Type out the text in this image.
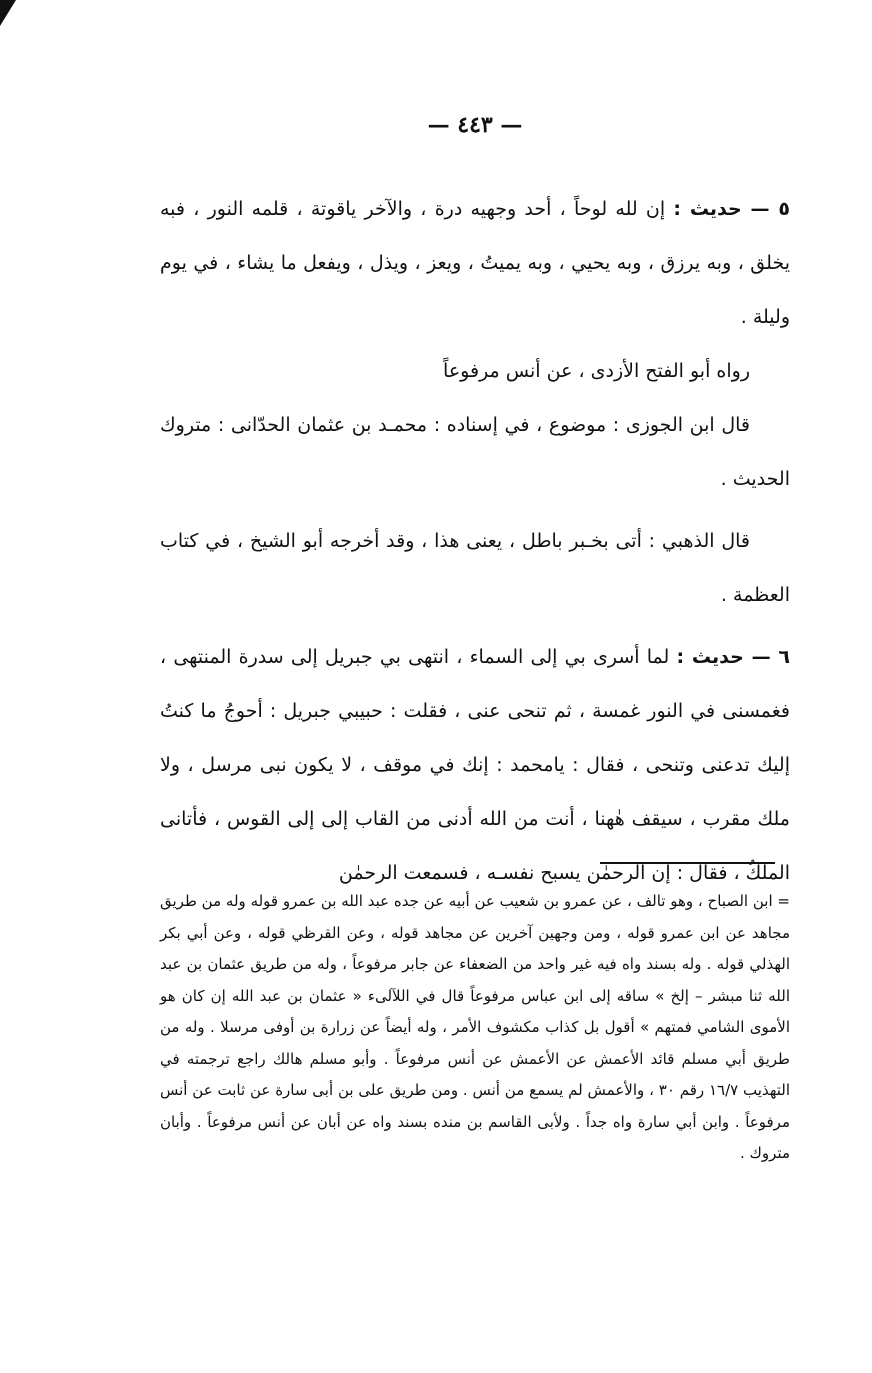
— ٤٤٣ —

٥ — حديث : إن لله لوحاً ، أحد وجهيه درة ، والآخر ياقوتة ، قلمه النور ، فبه يخلق ، وبه يرزق ، وبه يحيي ، وبه يميتُ ، ويعز ، ويذل ، ويفعل ما يشاء ، في يوم وليلة .

رواه أبو الفتح الأزدى ، عن أنس مرفوعاً

قال ابن الجوزى : موضوع ، في إسناده : محمـد بن عثمان الحدّانى : متروك الحديث .

قال الذهبي : أتى بخـبر باطل ، يعنى هذا ، وقد أخرجه أبو الشيخ ، في كتاب العظمة .

٦ — حديث : لما أسرى بي إلى السماء ، انتهى بي جبريل إلى سدرة المنتهى ، فغمسنى في النور غمسة ، ثم تنحى عنى ، فقلت : حبيبي جبريل : أحوجُ ما كنتُ إليك تدعنى وتنحى ، فقال : يامحمد : إنك في موقف ، لا يكون نبى مرسل ، ولا ملك مقرب ، سيقف هٰهنا ، أنت من الله أدنى من القاب إلى إلى القوس ، فأتانى الملكُ ، فقال : إن الرحمٰن يسبح نفسـه ، فسمعت الرحمٰن

= ابن الصباح ، وهو تالف ، عن عمرو بن شعيب عن أبيه عن جده عبد الله بن عمرو قوله وله من طريق مجاهد عن ابن عمرو قوله ، ومن وجهين آخرين عن مجاهد قوله ، وعن القرظي قوله ، وعن أبي بكر الهذلي قوله . وله بسند واه فيه غير واحد من الضعفاء عن جابر مرفوعاً ، وله من طريق عثمان بن عبد الله ثنا مبشر – إلخ » ساقه إلى ابن عباس مرفوعاً قال في اللآلىء « عثمان بن عبد الله إن كان هو الأموى الشامي فمتهم » أقول بل كذاب مكشوف الأمر ، وله أيضاً عن زرارة بن أوفى مرسلا . وله من طريق أبي مسلم قائد الأعمش عن الأعمش عن أنس مرفوعاً . وأبو مسلم هالك راجع ترجمته في التهذيب ١٦/٧ رقم ٣٠ ، والأعمش لم يسمع من أنس . ومن طريق على بن أبى سارة عن ثابت عن أنس مرفوعاً . وابن أبي سارة واه جداً . ولأبى القاسم بن منده بسند واه عن أبان عن أنس مرفوعاً . وأبان متروك .
